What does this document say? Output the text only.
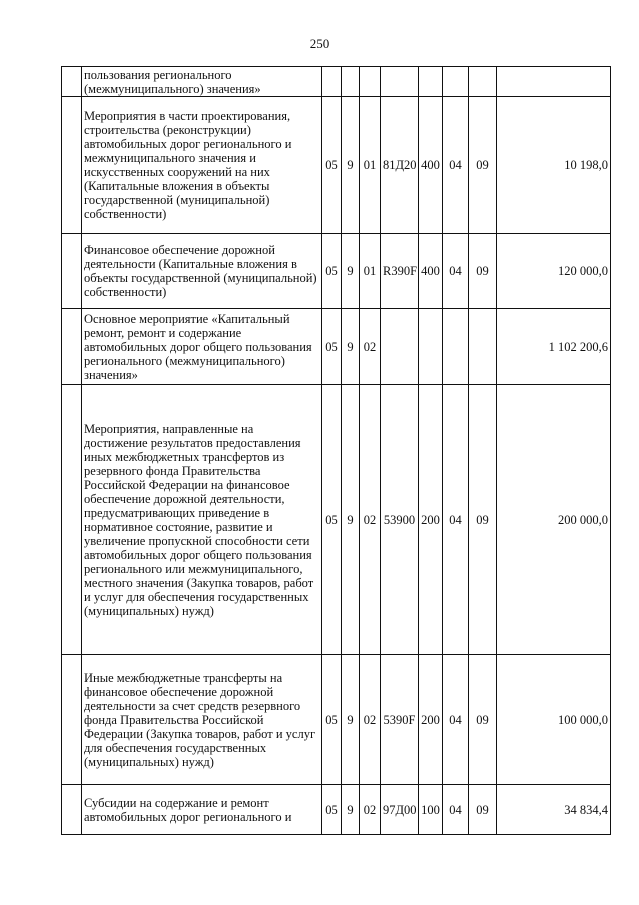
250
	пользования регионального (межмуниципального) значения»								
	Мероприятия в части проектирования, строительства (реконструкции) автомобильных дорог регионального и межмуниципального значения и искусственных сооружений на них (Капитальные вложения в объекты государственной (муниципальной) собственности)	05	9	01	81Д20	400	04	09	10 198,0
	Финансовое обеспечение дорожной деятельности (Капитальные вложения в объекты государственной (муниципальной) собственности)	05	9	01	R390F	400	04	09	120 000,0
	Основное мероприятие «Капитальный ремонт, ремонт и содержание автомобильных дорог общего пользования регионального (межмуниципального) значения»	05	9	02					1 102 200,6
	Мероприятия, направленные на достижение результатов предоставления иных межбюджетных трансфертов из резервного фонда Правительства Российской Федерации на финансовое обеспечение дорожной деятельности, предусматривающих приведение в нормативное состояние, развитие и увеличение пропускной способности сети автомобильных дорог общего пользования регионального или межмуниципального, местного значения (Закупка товаров, работ и услуг для обеспечения государственных (муниципальных) нужд)	05	9	02	53900	200	04	09	200 000,0
	Иные межбюджетные трансферты на финансовое обеспечение дорожной деятельности за счет средств резервного фонда Правительства Российской Федерации (Закупка товаров, работ и услуг для обеспечения государственных (муниципальных) нужд)	05	9	02	5390F	200	04	09	100 000,0
	Субсидии на содержание и ремонт автомобильных дорог регионального и	05	9	02	97Д00	100	04	09	34 834,4
